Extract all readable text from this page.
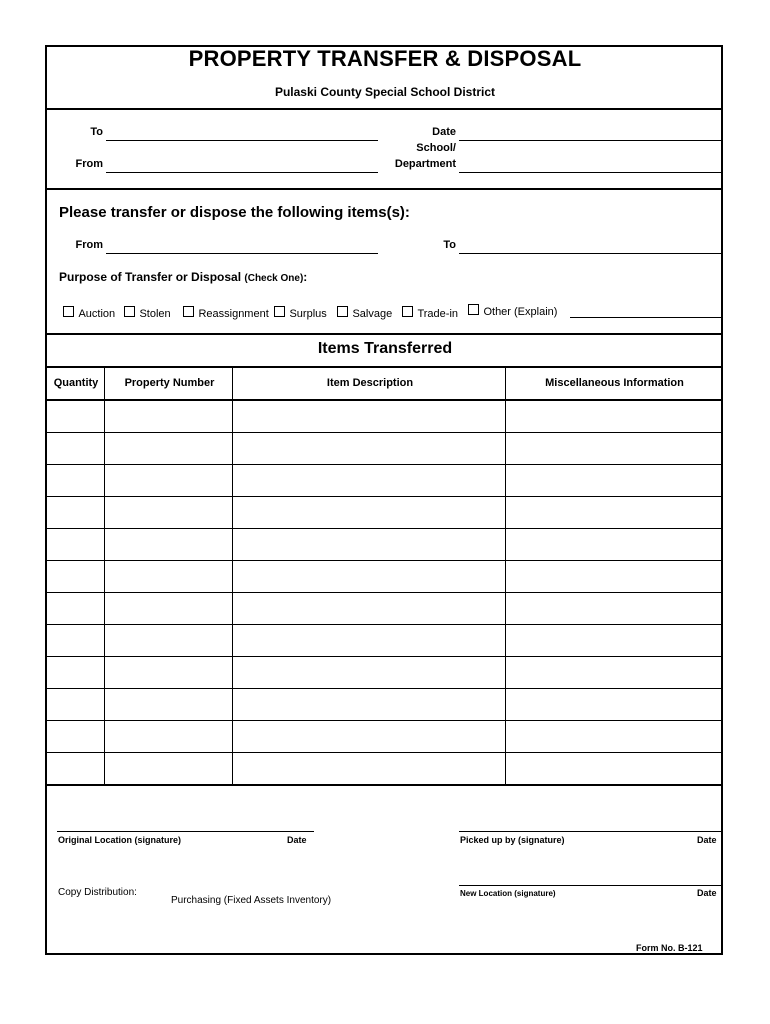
PROPERTY TRANSFER & DISPOSAL
Pulaski County Special School District
To
From
Date
School/
Department
Please transfer or dispose the following items(s):
From	To
Purpose of Transfer or Disposal (Check One):
Auction	Stolen	Reassignment	Surplus	Salvage	Trade-in	Other (Explain)
Items Transferred
Quantity	Property Number	Item Description	Miscellaneous Information
Original Location (signature)	Date	Picked up by (signature)	Date
Copy Distribution:
Purchasing (Fixed Assets Inventory)
New Location (signature)	Date
Form No. B-121
